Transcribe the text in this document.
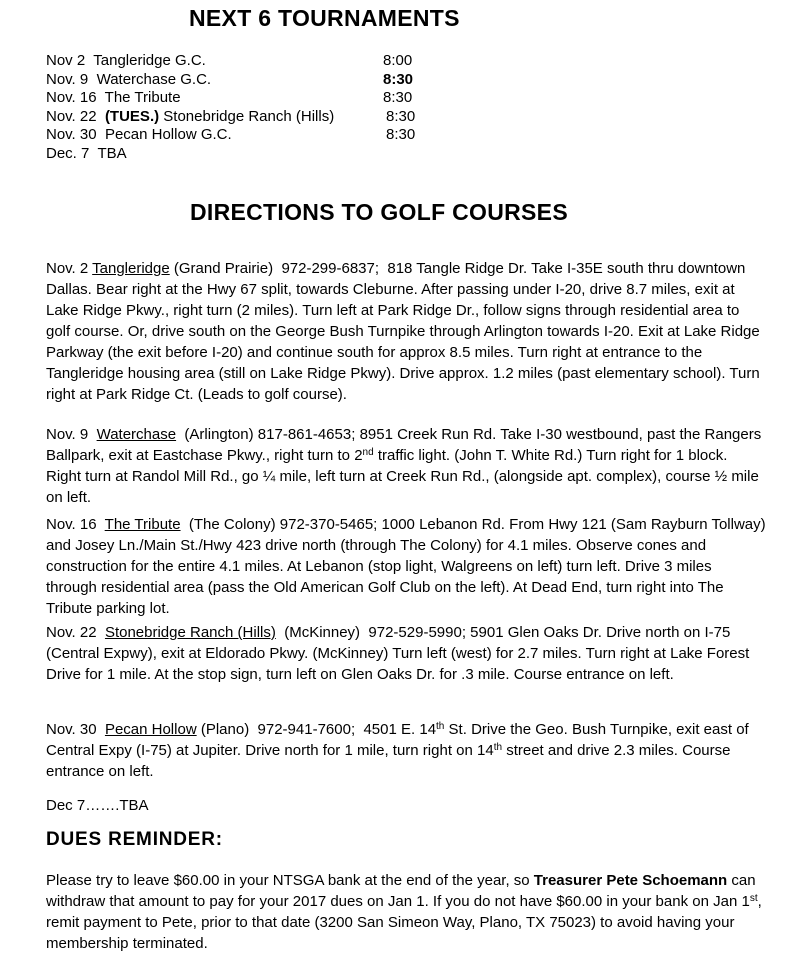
NEXT 6 TOURNAMENTS
Nov 2 Tangleridge G.C.	8:00
Nov. 9 Waterchase G.C.	8:30
Nov. 16 The Tribute	8:30
Nov. 22 (TUES.) Stonebridge Ranch (Hills)	8:30
Nov. 30 Pecan Hollow G.C.	8:30
Dec. 7 TBA
DIRECTIONS TO GOLF COURSES
Nov. 2 Tangleridge (Grand Prairie) 972-299-6837; 818 Tangle Ridge Dr. Take I-35E south thru downtown Dallas. Bear right at the Hwy 67 split, towards Cleburne. After passing under I-20, drive 8.7 miles, exit at Lake Ridge Pkwy., right turn (2 miles). Turn left at Park Ridge Dr., follow signs through residential area to golf course. Or, drive south on the George Bush Turnpike through Arlington towards I-20. Exit at Lake Ridge Parkway (the exit before I-20) and continue south for approx 8.5 miles. Turn right at entrance to the Tangleridge housing area (still on Lake Ridge Pkwy). Drive approx. 1.2 miles (past elementary school). Turn right at Park Ridge Ct. (Leads to golf course).
Nov. 9 Waterchase (Arlington) 817-861-4653; 8951 Creek Run Rd. Take I-30 westbound, past the Rangers Ballpark, exit at Eastchase Pkwy., right turn to 2nd traffic light. (John T. White Rd.) Turn right for 1 block. Right turn at Randol Mill Rd., go ¼ mile, left turn at Creek Run Rd., (alongside apt. complex), course ½ mile on left.
Nov. 16 The Tribute (The Colony) 972-370-5465; 1000 Lebanon Rd. From Hwy 121 (Sam Rayburn Tollway) and Josey Ln./Main St./Hwy 423 drive north (through The Colony) for 4.1 miles. Observe cones and construction for the entire 4.1 miles. At Lebanon (stop light, Walgreens on left) turn left. Drive 3 miles through residential area (pass the Old American Golf Club on the left). At Dead End, turn right into The Tribute parking lot.
Nov. 22 Stonebridge Ranch (Hills) (McKinney) 972-529-5990; 5901 Glen Oaks Dr. Drive north on I-75 (Central Expwy), exit at Eldorado Pkwy. (McKinney) Turn left (west) for 2.7 miles. Turn right at Lake Forest Drive for 1 mile. At the stop sign, turn left on Glen Oaks Dr. for .3 mile. Course entrance on left.
Nov. 30 Pecan Hollow (Plano) 972-941-7600; 4501 E. 14th St. Drive the Geo. Bush Turnpike, exit east of Central Expy (I-75) at Jupiter. Drive north for 1 mile, turn right on 14th street and drive 2.3 miles. Course entrance on left.
Dec 7…….TBA
DUES REMINDER:
Please try to leave $60.00 in your NTSGA bank at the end of the year, so Treasurer Pete Schoemann can withdraw that amount to pay for your 2017 dues on Jan 1. If you do not have $60.00 in your bank on Jan 1st, remit payment to Pete, prior to that date (3200 San Simeon Way, Plano, TX 75023) to avoid having your membership terminated.
